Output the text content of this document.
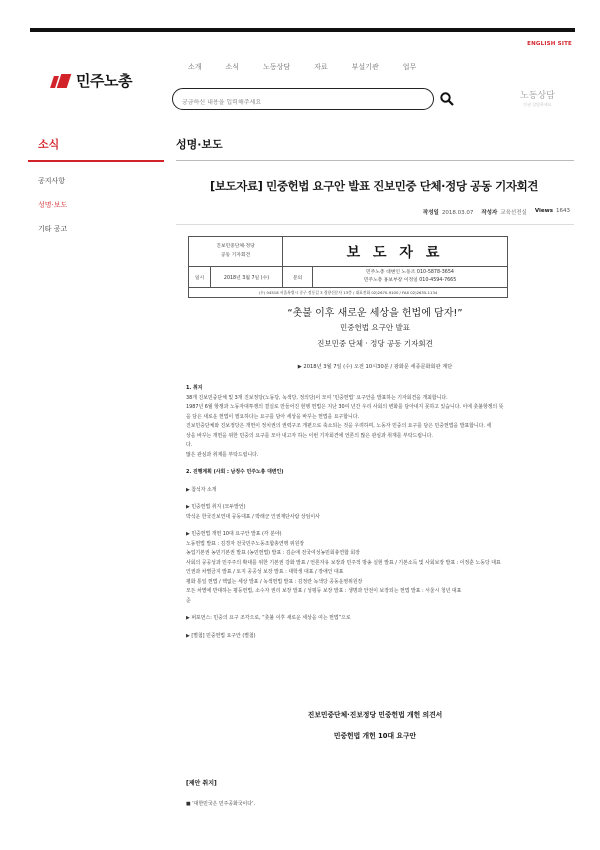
ENGLISH SITE
민주노총
소개	소식	노동상담	자료	부설기관	업무
궁금하신 내용을 입력해주세요
노동상담
인권 상담하세요
소식
공지사항
성명·보도
기타 공고
성명·보도
[보도자료] 민중헌법 요구안 발표 진보민중 단체·정당 공동 기자회견
작성일 2018.03.07 작성자 교육선전실 Views 1643
진보민중단체·정당
공동 기자회견	보 도 자 료
일시	2018년 3월 7일 (수)	문의
민주노총 대변인 노동조 010-5878-3654
민주노총 홍보부장 이정일 010-4594-7665
(우) 04518 서울특별시 중구 정동길 3 경향신문사 13층 / 대표전화 02)2670-9100 / FAX 02)2635-1134
“촛불 이후 새로운 세상을 헌법에 담자!”
민중헌법 요구안 발표
진보민중 단체 · 정당 공동 기자회견
▶ 2018년 3월 7일 (수) 오전 10시30분 / 광화문 세종문화회관 계단
1. 취지
38개 진보민중단체 및 3개 진보정당(노동당, 녹색당, 정의당)이 모여 ‘민중헌법’ 요구안을 발표하는 기자회견을 개최합니다.
1987년 6월 항쟁과 노동자대투쟁의 결실로 만들어진 현행 헌법은 지난 30여 년간 우리 사회의 변화를 담아내지 못하고 있습니다. 이에 촛불항쟁의 뜻
을 담은 새로운 헌법이 필요하다는 요구를 담아 세상을 바꾸는 헌법을 요구합니다.
진보민중단체와 진보정당은 개헌이 정치권의 권력구조 개편으로 축소되는 것을 우려하며, 노동자 민중의 요구를 담은 민중헌법을 발표합니다. 세
상을 바꾸는 개헌을 위한 민중의 요구를 모아 내고자 하는 이번 기자회견에 언론의 많은 관심과 취재를 부탁드립니다.
다.
많은 관심과 취재를 부탁드립니다.
2. 진행계획 (사회 : 남정수 민주노총 대변인)
▶ 참석자 소개
▶ 민중헌법 취지 (모두발언)
박석운 한국진보연대 공동대표 / 박래군 인권재단사람 상임이사
▶ 민중헌법 개헌 10대 요구안 발표 (각 분야)
노동헌법 발표 : 김경자 전국민주노동조합총연맹 위원장
농업기본권 농민기본권 발표 (농민헌법) 발표 : 김순애 전국여성농민회총연합 회장
사회의 공공성과 민주주의 확대를 위한 기본권 강화 발표 / 언론자유 보장과 민주적 방송 실현 발표 / 기본소득 및 사회보장 발표 : 이정훈 노동당 대표
인권과 차별금지 발표 / 토지 공공성 보장 발표 : 대학생 대표 / 장애인 대표
평화 통일 헌법 / 핵없는 세상 발표 / 녹색헌법 발표 : 김정란 녹색당 공동운영위원장
모든 차별에 반대하는 평등헌법, 소수자 권리 보장 발표 / 성평등 보장 발표 : 생명과 안전이 보장되는 헌법 발표 : 서울시 청년 대표
준
▶ 퍼포먼스: 민중의 요구 조각으로, “촛불 이후 새로운 세상을 여는 헌법”으로
▶ [별첨] 민중헌법 요구안 (별첨)
진보민중단체·진보정당 민중헌법 개헌 의견서
민중헌법 개헌 10대 요구안
[제안 취지]
■ ‘대한민국은 민주공화국이다’.
